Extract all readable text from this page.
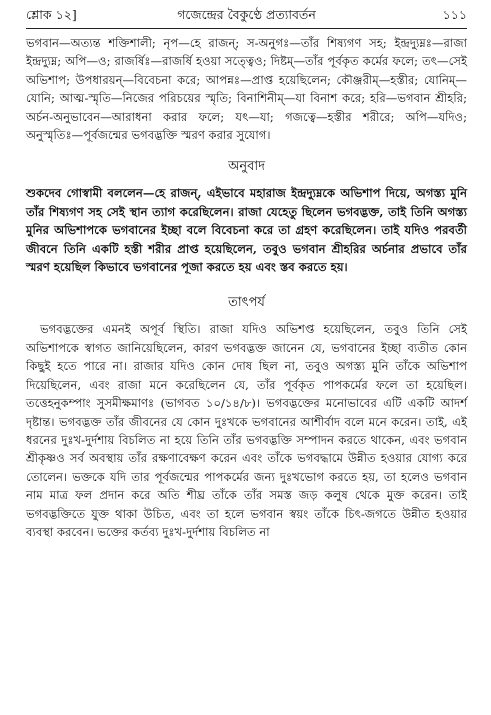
শ্লোক ১২]	গজেন্দ্রের বৈকুণ্ঠে প্রত্যাবর্তন	১১১
ভগবান—অত্যন্ত শক্তিশালী; নৃপ—হে রাজন্; স-অনুগঃ—তাঁর শিষ্যগণ সহ; ইন্দ্রদ্যুম্নঃ—রাজা ইন্দ্রদ্যুম্ন; অপি—ও; রাজর্ষিঃ—রাজর্ষি হওয়া সত্ত্বেও; দিষ্টম্—তাঁর পূর্বকৃত কর্মের ফলে; তৎ—সেই অভিশাপ; উপধারয়ন্—বিবেচনা করে; আপন্নঃ—প্রাপ্ত হয়েছিলেন; কৌঞ্জরীম্—হস্তীর; যোনিম্—যোনি; আত্ম-স্মৃতি—নিজের পরিচয়ের স্মৃতি; বিনাশিনীম্—যা বিনাশ করে; হরি—ভগবান শ্রীহরি; অর্চন-অনুভাবেন—আরাধনা করার ফলে; যৎ—যা; গজত্বে—হস্তীর শরীরে; অপি—যদিও; অনুস্মৃতিঃ—পূর্বজন্মের ভগবদ্ভক্তি স্মরণ করার সুযোগ।
অনুবাদ
শুকদেব গোস্বামী বললেন—হে রাজন্, এইভাবে মহারাজ ইন্দ্রদ্যুম্নকে অভিশাপ দিয়ে, অগস্ত্য মুনি তাঁর শিষ্যগণ সহ সেই স্থান ত্যাগ করেছিলেন। রাজা যেহেতু ছিলেন ভগবদ্ভক্ত, তাই তিনি অগস্ত্য মুনির অভিশাপকে ভগবানের ইচ্ছা বলে বিবেচনা করে তা গ্রহণ করেছিলেন। তাই যদিও পরবর্তী জীবনে তিনি একটি হস্তী শরীর প্রাপ্ত হয়েছিলেন, তবুও ভগবান শ্রীহরির অর্চনার প্রভাবে তাঁর স্মরণ হয়েছিল কিভাবে ভগবানের পূজা করতে হয় এবং স্তব করতে হয়।
তাৎপর্য
ভগবদ্ভক্তের এমনই অপূর্ব স্থিতি। রাজা যদিও অভিশপ্ত হয়েছিলেন, তবুও তিনি সেই অভিশাপকে স্বাগত জানিয়েছিলেন, কারণ ভগবদ্ভক্ত জানেন যে, ভগবানের ইচ্ছা ব্যতীত কোন কিছুই হতে পারে না। রাজার যদিও কোন দোষ ছিল না, তবুও অগস্ত্য মুনি তাঁকে অভিশাপ দিয়েছিলেন, এবং রাজা মনে করেছিলেন যে, তাঁর পূর্বকৃত পাপকর্মের ফলে তা হয়েছিল। তত্তেহনুকম্পাং সুসমীক্ষমাণঃ (ভাগবত ১০/১৪/৮)। ভগবদ্ভক্তের মনোভাবের এটি একটি আদর্শ দৃষ্টান্ত। ভগবদ্ভক্ত তাঁর জীবনের যে কোন দুঃখকে ভগবানের আশীর্বাদ বলে মনে করেন। তাই, এই ধরনের দুঃখ-দুর্দশায় বিচলিত না হয়ে তিনি তাঁর ভগবদ্ভক্তি সম্পাদন করতে থাকেন, এবং ভগবান শ্রীকৃষ্ণও সর্ব অবস্থায় তাঁর রক্ষণাবেক্ষণ করেন এবং তাঁকে ভগবদ্ধামে উন্নীত হওয়ার যোগ্য করে তোলেন। ভক্তকে যদি তার পূর্বজন্মের পাপকর্মের জন্য দুঃখভোগ করতে হয়, তা হলেও ভগবান নাম মাত্র ফল প্রদান করে অতি শীঘ্র তাঁকে তাঁর সমস্ত জড় কলুষ থেকে মুক্ত করেন। তাই ভগবদ্ভক্তিতে যুক্ত থাকা উচিত, এবং তা হলে ভগবান স্বয়ং তাঁকে চিৎ-জগতে উন্নীত হওয়ার ব্যবস্থা করবেন। ভক্তের কর্তব্য দুঃখ-দুর্দশায় বিচলিত না
